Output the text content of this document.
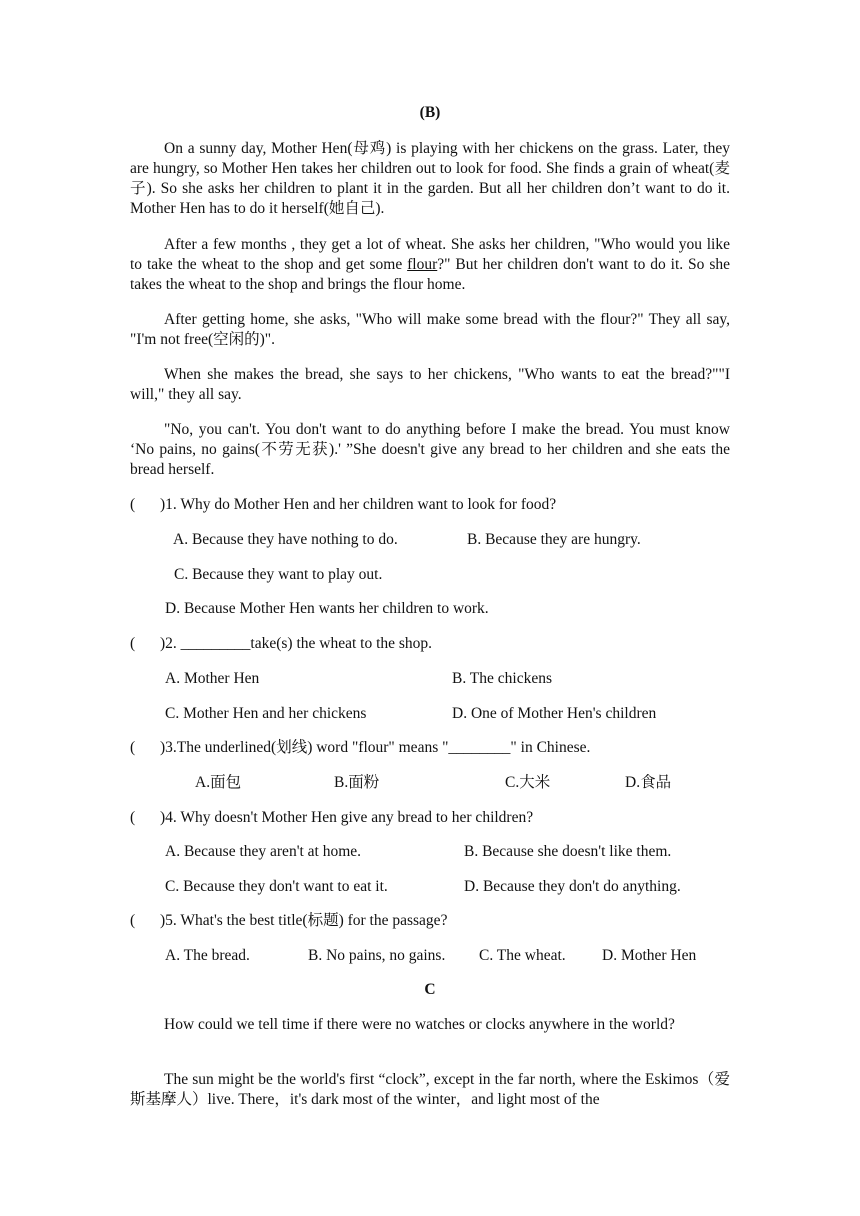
(B)
On a sunny day, Mother Hen(母鸡) is playing with her chickens on the grass. Later, they are hungry, so Mother Hen takes her children out to look for food. She finds a grain of wheat(麦子). So she asks her children to plant it in the garden. But all her children don’t want to do it. Mother Hen has to do it herself(她自己).
After a few months , they get a lot of wheat. She asks her children, "Who would you like to take the wheat to the shop and get some flour?" But her children don't want to do it. So she takes the wheat to the shop and brings the flour home.
After getting home, she asks, "Who will make some bread with the flour?" They all say, "I'm not free(空闲的)".
When she makes the bread, she says to her chickens, "Who wants to eat the bread?""I will," they all say.
"No, you can't. You don't want to do anything before I make the bread. You must know ‘No pains, no gains(不劳无获).' ”She doesn't give any bread to her children and she eats the bread herself.
( )1. Why do Mother Hen and her children want to look for food?
A. Because they have nothing to do.	B. Because they are hungry.
C. Because they want to play out.
D. Because Mother Hen wants her children to work.
( )2. _________take(s) the wheat to the shop.
A. Mother Hen	B. The chickens
C. Mother Hen and her chickens	D. One of Mother Hen's children
( )3.The underlined(划线) word "flour" means "________" in Chinese.
A.面包	B.面粉	C.大米	D.食品
( )4. Why doesn't Mother Hen give any bread to her children?
A. Because they aren't at home.	B. Because she doesn't like them.
C. Because they don't want to eat it.	D. Because they don't do anything.
( )5. What's the best title(标题) for the passage?
A. The bread.	B. No pains, no gains. C. The wheat. D. Mother Hen
C
How could we tell time if there were no watches or clocks anywhere in the world?
The sun might be the world's first “clock”, except in the far north, where the Eskimos（爱斯基摩人）live. There，it's dark most of the winter，and light most of the
